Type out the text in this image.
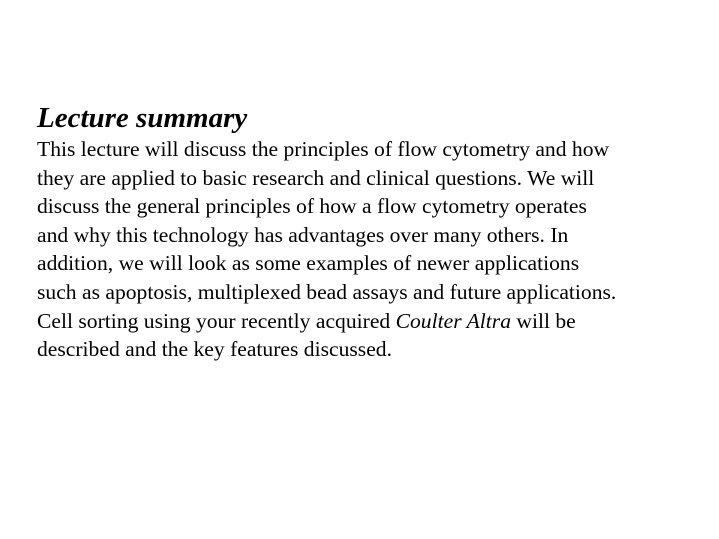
Lecture summary

This lecture will discuss the principles of flow cytometry and how
they are applied to basic research and clinical questions. We will
discuss the general principles of how a flow cytometry operates
and why this technology has advantages over many others. In
addition, we will look as some examples of newer applications
such as apoptosis, multiplexed bead assays and future applications.
Cell sorting using your recently acquired Coulter Altra will be
described and the key features discussed.
